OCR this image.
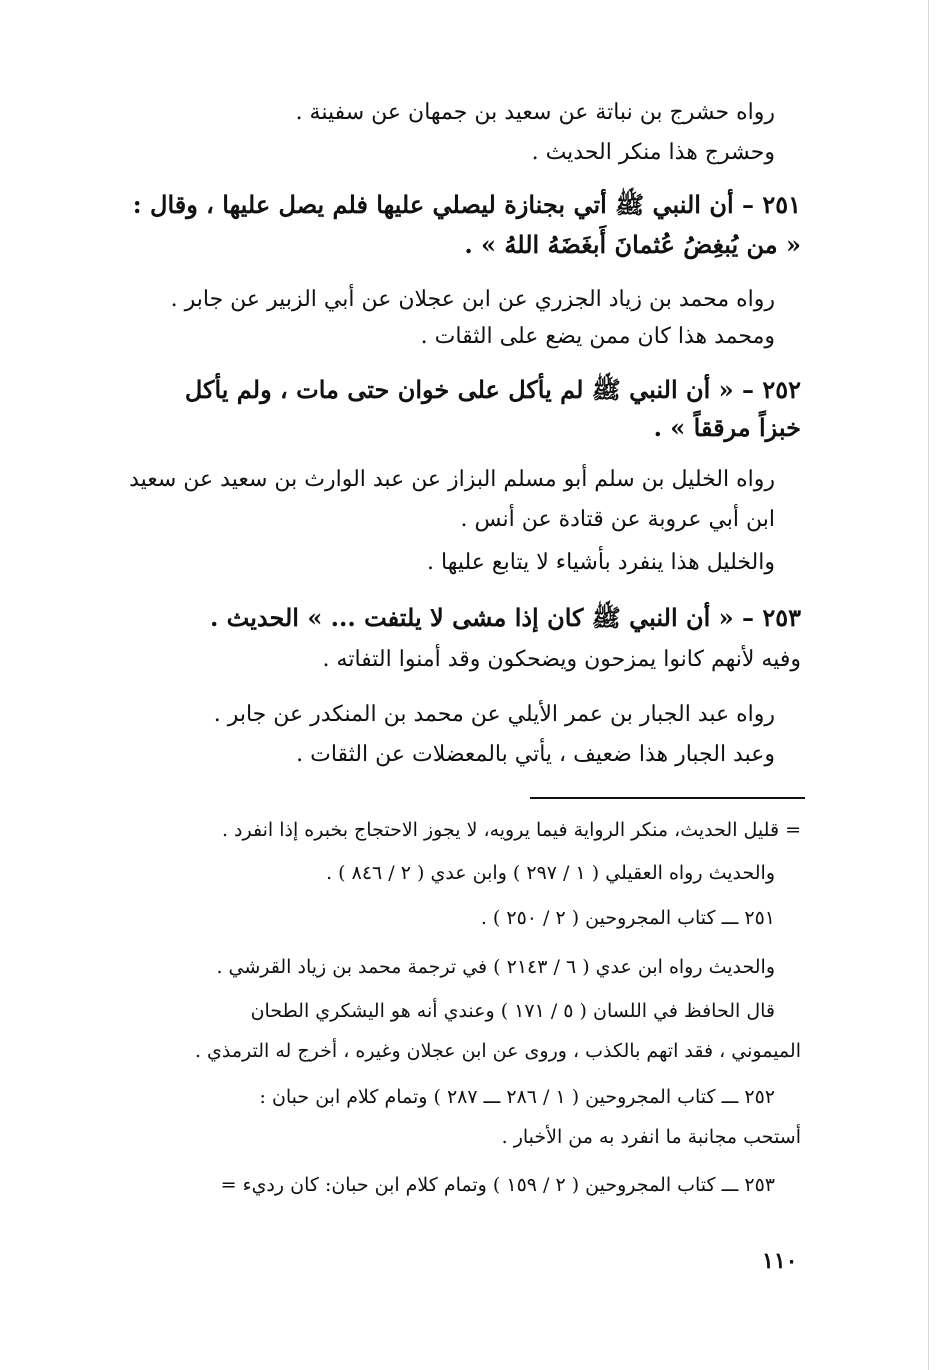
رواه حشرج بن نباتة عن سعيد بن جمهان عن سفينة .
وحشرج هذا منكر الحديث .
٢٥١ – أن النبي ﷺ أتي بجنازة ليصلي عليها فلم يصل عليها ، وقال :
« من يُبغِضُ عُثمانَ أَبغَضَهُ اللهُ » .
رواه محمد بن زياد الجزري عن ابن عجلان عن أبي الزبير عن جابر .
ومحمد هذا كان ممن يضع على الثقات .
٢٥٢ – « أن النبي ﷺ لم يأكل على خوان حتى مات ، ولم يأكل
خبزاً مرققاً » .
رواه الخليل بن سلم أبو مسلم البزاز عن عبد الوارث بن سعيد عن سعيد
ابن أبي عروبة عن قتادة عن أنس .
والخليل هذا ينفرد بأشياء لا يتابع عليها .
٢٥٣ – « أن النبي ﷺ كان إذا مشى لا يلتفت ... » الحديث .
وفيه لأنهم كانوا يمزحون ويضحكون وقد أمنوا التفاته .
رواه عبد الجبار بن عمر الأيلي عن محمد بن المنكدر عن جابر .
وعبد الجبار هذا ضعيف ، يأتي بالمعضلات عن الثقات .
= قليل الحديث، منكر الرواية فيما يرويه، لا يجوز الاحتجاج بخبره إذا انفرد .
والحديث رواه العقيلي ( ١ / ٢٩٧ ) وابن عدي ( ٢ / ٨٤٦ ) .
٢٥١ ـــ كتاب المجروحين ( ٢ / ٢٥٠ ) .
والحديث رواه ابن عدي ( ٦ / ٢١٤٣ ) في ترجمة محمد بن زياد القرشي .
قال الحافظ في اللسان ( ٥ / ١٧١ ) وعندي أنه هو اليشكري الطحان
الميموني ، فقد اتهم بالكذب ، وروى عن ابن عجلان وغيره ، أخرج له الترمذي .
٢٥٢ ـــ كتاب المجروحين ( ١ / ٢٨٦ ـــ ٢٨٧ ) وتمام كلام ابن حبان :
أستحب مجانبة ما انفرد به من الأخبار .
٢٥٣ ـــ كتاب المجروحين ( ٢ / ١٥٩ ) وتمام كلام ابن حبان: كان رديء =
١١٠
